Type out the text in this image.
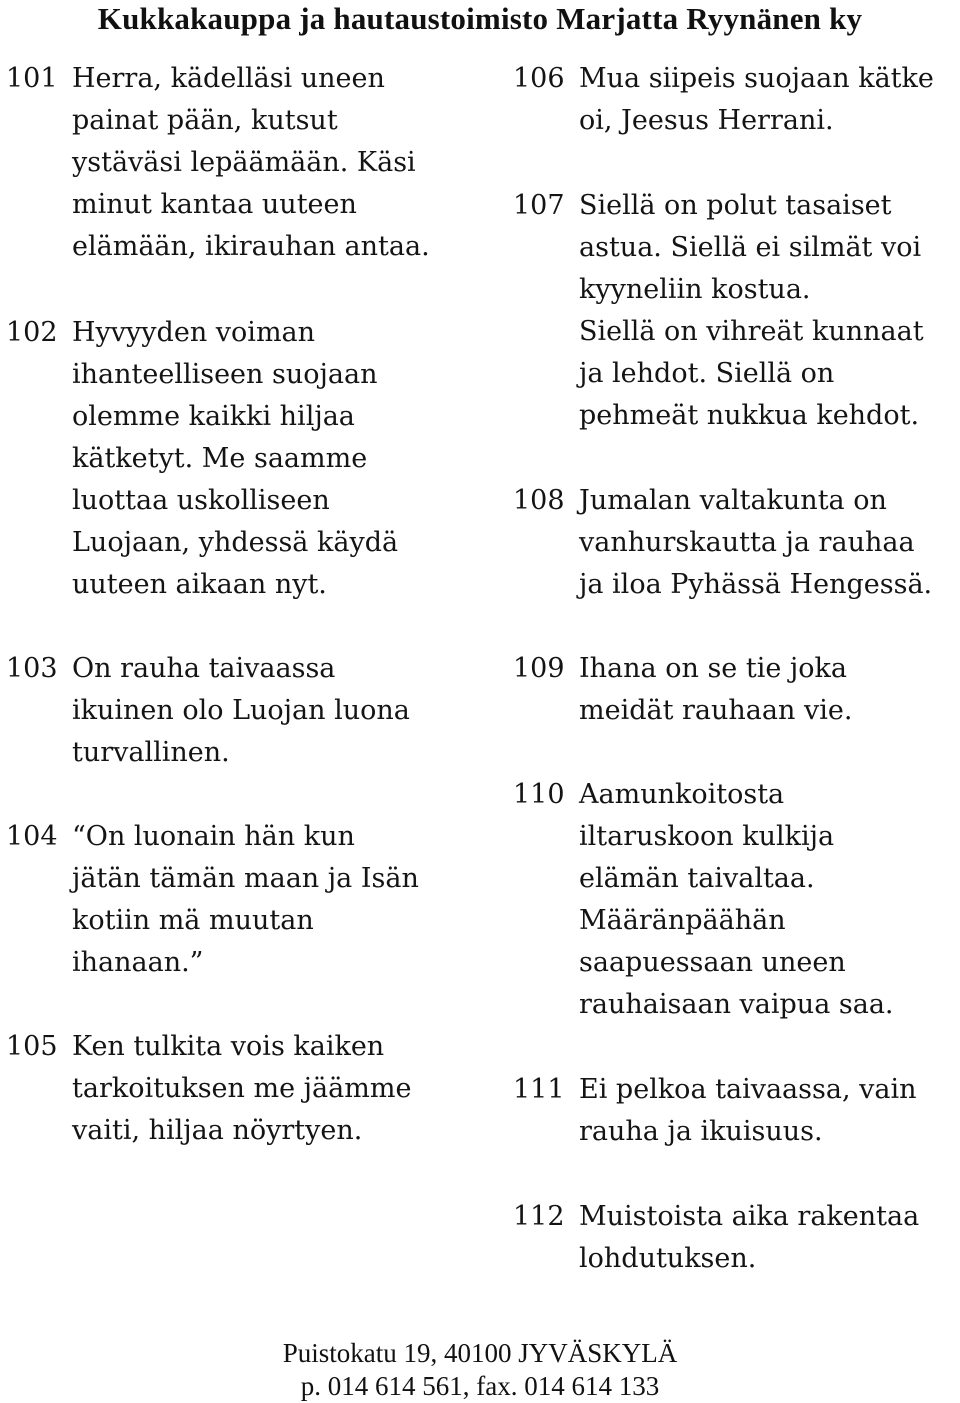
Kukkakauppa ja hautaustoimisto Marjatta Ryynänen ky
101 Herra, kädelläsi uneen
painat pään, kutsut
ystäväsi lepäämään. Käsi
minut kantaa uuteen
elämään, ikirauhan antaa.
102 Hyvyyden voiman
ihanteelliseen suojaan
olemme kaikki hiljaa
kätketyt. Me saamme
luottaa uskolliseen
Luojaan, yhdessä käydä
uuteen aikaan nyt.
103 On rauha taivaassa
ikuinen olo Luojan luona
turvallinen.
104 “On luonain hän kun
jätän tämän maan ja Isän
kotiin mä muutan
ihanaan.”
105 Ken tulkita vois kaiken
tarkoituksen me jäämme
vaiti, hiljaa nöyrtyen.
106 Mua siipeis suojaan kätke
oi, Jeesus Herrani.
107 Siellä on polut tasaiset
astua. Siellä ei silmät voi
kyyneliin kostua.
Siellä on vihreät kunnaat
ja lehdot. Siellä on
pehmeät nukkua kehdot.
108 Jumalan valtakunta on
vanhurskautta ja rauhaa
ja iloa Pyhässä Hengessä.
109 Ihana on se tie joka
meidät rauhaan vie.
110 Aamunkoitosta
iltaruskoon kulkija
elämän taivaltaa.
Määränpäähän
saapuessaan uneen
rauhaisaan vaipua saa.
111 Ei pelkoa taivaassa, vain
rauha ja ikuisuus.
112 Muistoista aika rakentaa
lohdutuksen.
Puistokatu 19, 40100 JYVÄSKYLÄ
p. 014 614 561, fax. 014 614 133
